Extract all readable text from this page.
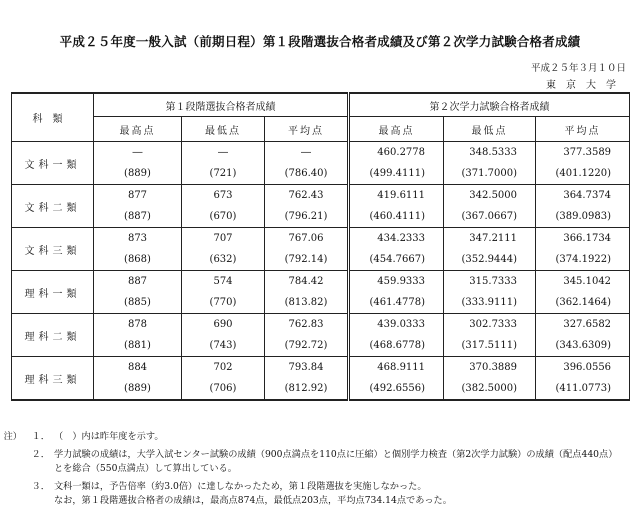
平成２５年度一般入試（前期日程）第１段階選抜合格者成績及び第２次学力試験合格者成績
平成２５年３月１０日
東京大学
科類	第１段階選抜合格者成績			第２次学力試験合格者成績		
	最高点	最低点	平均点	最高点	最低点	平均点
文科一類	―	―	―	460.2778	348.5333	377.3589
	(889)	(721)	(786.40)	(499.4111)	(371.7000)	(401.1220)
文科二類	877	673	762.43	419.6111	342.5000	364.7374
	(887)	(670)	(796.21)	(460.4111)	(367.0667)	(389.0983)
文科三類	873	707	767.06	434.2333	347.2111	366.1734
	(868)	(632)	(792.14)	(454.7667)	(352.9444)	(374.1922)
理科一類	887	574	784.42	459.9333	315.7333	345.1042
	(885)	(770)	(813.82)	(461.4778)	(333.9111)	(362.1464)
理科二類	878	690	762.83	439.0333	302.7333	327.6582
	(881)	(743)	(792.72)	(468.6778)	(317.5111)	(343.6309)
理科三類	884	702	793.84	468.9111	370.3889	396.0556
	(889)	(706)	(812.92)	(492.6556)	(382.5000)	(411.0773)
注）	１． （　）内は昨年度を示す。
２． 学力試験の成績は，大学入試センター試験の成績（900点満点を110点に圧縮）と個別学力検査（第2次学力試験）の成績（配点440点）
とを総合（550点満点）して算出している。
３． 文科一類は，予告倍率（約3.0倍）に達しなかったため，第１段階選抜を実施しなかった。
なお，第１段階選抜合格者の成績は，最高点874点，最低点203点，平均点734.14点であった。
